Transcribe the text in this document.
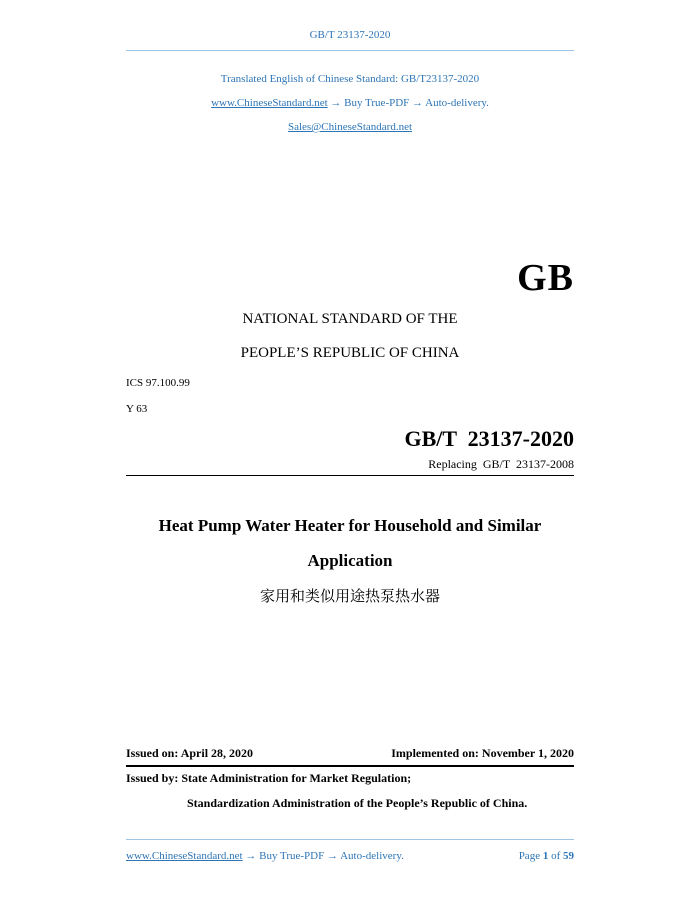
GB/T 23137-2020
Translated English of Chinese Standard: GB/T23137-2020
www.ChineseStandard.net → Buy True-PDF → Auto-delivery.
Sales@ChineseStandard.net
GB
NATIONAL STANDARD OF THE
PEOPLE’S REPUBLIC OF CHINA
ICS 97.100.99
Y 63
GB/T  23137-2020
Replacing  GB/T  23137-2008
Heat Pump Water Heater for Household and Similar
Application
家用和类似用途热泵热水器
Issued on: April 28, 2020	Implemented on: November 1, 2020
Issued by: State Administration for Market Regulation;
Standardization Administration of the People’s Republic of China.
www.ChineseStandard.net → Buy True-PDF → Auto-delivery.	Page 1 of 59
